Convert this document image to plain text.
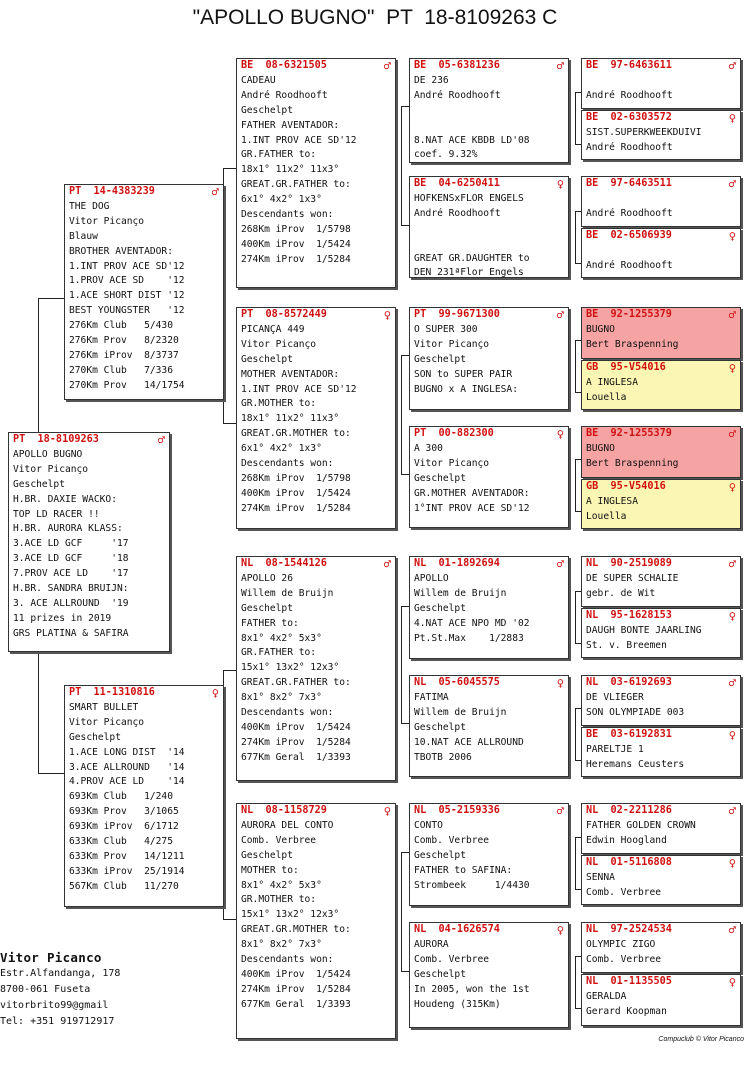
"APOLLO BUGNO"  PT  18-8109263 C
PT  18-8109263	♂
APOLLO BUGNO
Vitor Picanço
Geschelpt
H.BR. DAXIE WACKO:
TOP LD RACER !!
H.BR. AURORA KLASS:
3.ACE LD GCF     '17
3.ACE LD GCF     '18
7.PROV ACE LD    '17
H.BR. SANDRA BRUIJN:
3. ACE ALLROUND  '19
11 prizes in 2019
GRS PLATINA & SAFIRA
PT  14-4383239	♂
THE DOG
Vitor Picanço
Blauw
BROTHER AVENTADOR:
1.INT PROV ACE SD'12
1.PROV ACE SD    '12
1.ACE SHORT DIST '12
BEST YOUNGSTER   '12
276Km Club   5/430
276Km Prov   8/2320
276Km iProv  8/3737
270Km Club   7/336
270Km Prov   14/1754
PT  11-1310816	♀
SMART BULLET
Vitor Picanço
Geschelpt
1.ACE LONG DIST  '14
3.ACE ALLROUND   '14
4.PROV ACE LD    '14
693Km Club   1/240
693Km Prov   3/1065
693Km iProv  6/1712
633Km Club   4/275
633Km Prov   14/1211
633Km iProv  25/1914
567Km Club   11/270
BE  08-6321505	♂
CADEAU
André Roodhooft
Geschelpt
FATHER AVENTADOR:
1.INT PROV ACE SD'12
GR.FATHER to:
18x1° 11x2° 11x3°
GREAT.GR.FATHER to:
6x1° 4x2° 1x3°
Descendants won:
268Km iProv  1/5798
400Km iProv  1/5424
274Km iProv  1/5284
PT  08-8572449	♀
PICANÇA 449
Vitor Picanço
Geschelpt
MOTHER AVENTADOR:
1.INT PROV ACE SD'12
GR.MOTHER to:
18x1° 11x2° 11x3°
GREAT.GR.MOTHER to:
6x1° 4x2° 1x3°
Descendants won:
268Km iProv  1/5798
400Km iProv  1/5424
274Km iProv  1/5284
NL  08-1544126	♂
APOLLO 26
Willem de Bruijn
Geschelpt
FATHER to:
8x1° 4x2° 5x3°
GR.FATHER to:
15x1° 13x2° 12x3°
GREAT.GR.FATHER to:
8x1° 8x2° 7x3°
Descendants won:
400Km iProv  1/5424
274Km iProv  1/5284
677Km Geral  1/3393
NL  08-1158729	♀
AURORA DEL CONTO
Comb. Verbree
Geschelpt
MOTHER to:
8x1° 4x2° 5x3°
GR.MOTHER to:
15x1° 13x2° 12x3°
GREAT.GR.MOTHER to:
8x1° 8x2° 7x3°
Descendants won:
400Km iProv  1/5424
274Km iProv  1/5284
677Km Geral  1/3393
BE  05-6381236	♂
DE 236
André Roodhooft
8.NAT ACE KBDB LD'08
coef. 9.32%
BE  04-6250411	♀
HOFKENSxFLOR ENGELS
André Roodhooft
GREAT GR.DAUGHTER to
DEN 231ªFlor Engels
PT  99-9671300	♂
O SUPER 300
Vitor Picanço
Geschelpt
SON to SUPER PAIR
BUGNO x A INGLESA:
PT  00-882300	♀
A 300
Vitor Picanço
Geschelpt
GR.MOTHER AVENTADOR:
1°INT PROV ACE SD'12
NL  01-1892694	♂
APOLLO
Willem de Bruijn
Geschelpt
4.NAT ACE NPO MD '02
Pt.St.Max    1/2883
NL  05-6045575	♀
FATIMA
Willem de Bruijn
Geschelpt
10.NAT ACE ALLROUND
TBOTB 2006
NL  05-2159336	♂
CONTO
Comb. Verbree
Geschelpt
FATHER to SAFINA:
Strombeek     1/4430
NL  04-1626574	♀
AURORA
Comb. Verbree
Geschelpt
In 2005, won the 1st
Houdeng (315Km)
BE  97-6463611	♂
André Roodhooft
BE  02-6303572	♀
SIST.SUPERKWEEKDUIVI
André Roodhooft
BE  97-6463511	♂
André Roodhooft
BE  02-6506939	♀
André Roodhooft
BE  92-1255379	♂
BUGNO
Bert Braspenning
GB  95-V54016	♀
A INGLESA
Louella
BE  92-1255379	♂
BUGNO
Bert Braspenning
GB  95-V54016	♀
A INGLESA
Louella
NL  90-2519089	♂
DE SUPER SCHALIE
gebr. de Wit
NL  95-1628153	♀
DAUGH BONTE JAARLING
St. v. Breemen
NL  03-6192693	♂
DE VLIEGER
SON OLYMPIADE 003
BE  03-6192831	♀
PARELTJE 1
Heremans Ceusters
NL  02-2211286	♂
FATHER GOLDEN CROWN
Edwin Hoogland
NL  01-5116808	♀
SENNA
Comb. Verbree
NL  97-2524534	♂
OLYMPIC ZIGO
Comb. Verbree
NL  01-1135505	♀
GERALDA
Gerard Koopman
Vitor Picanco
Estr.Alfandanga, 178
8700-061 Fuseta
vitorbrito99@gmail
Tel: +351 919712917
Compuclub © Vitor Picanco
